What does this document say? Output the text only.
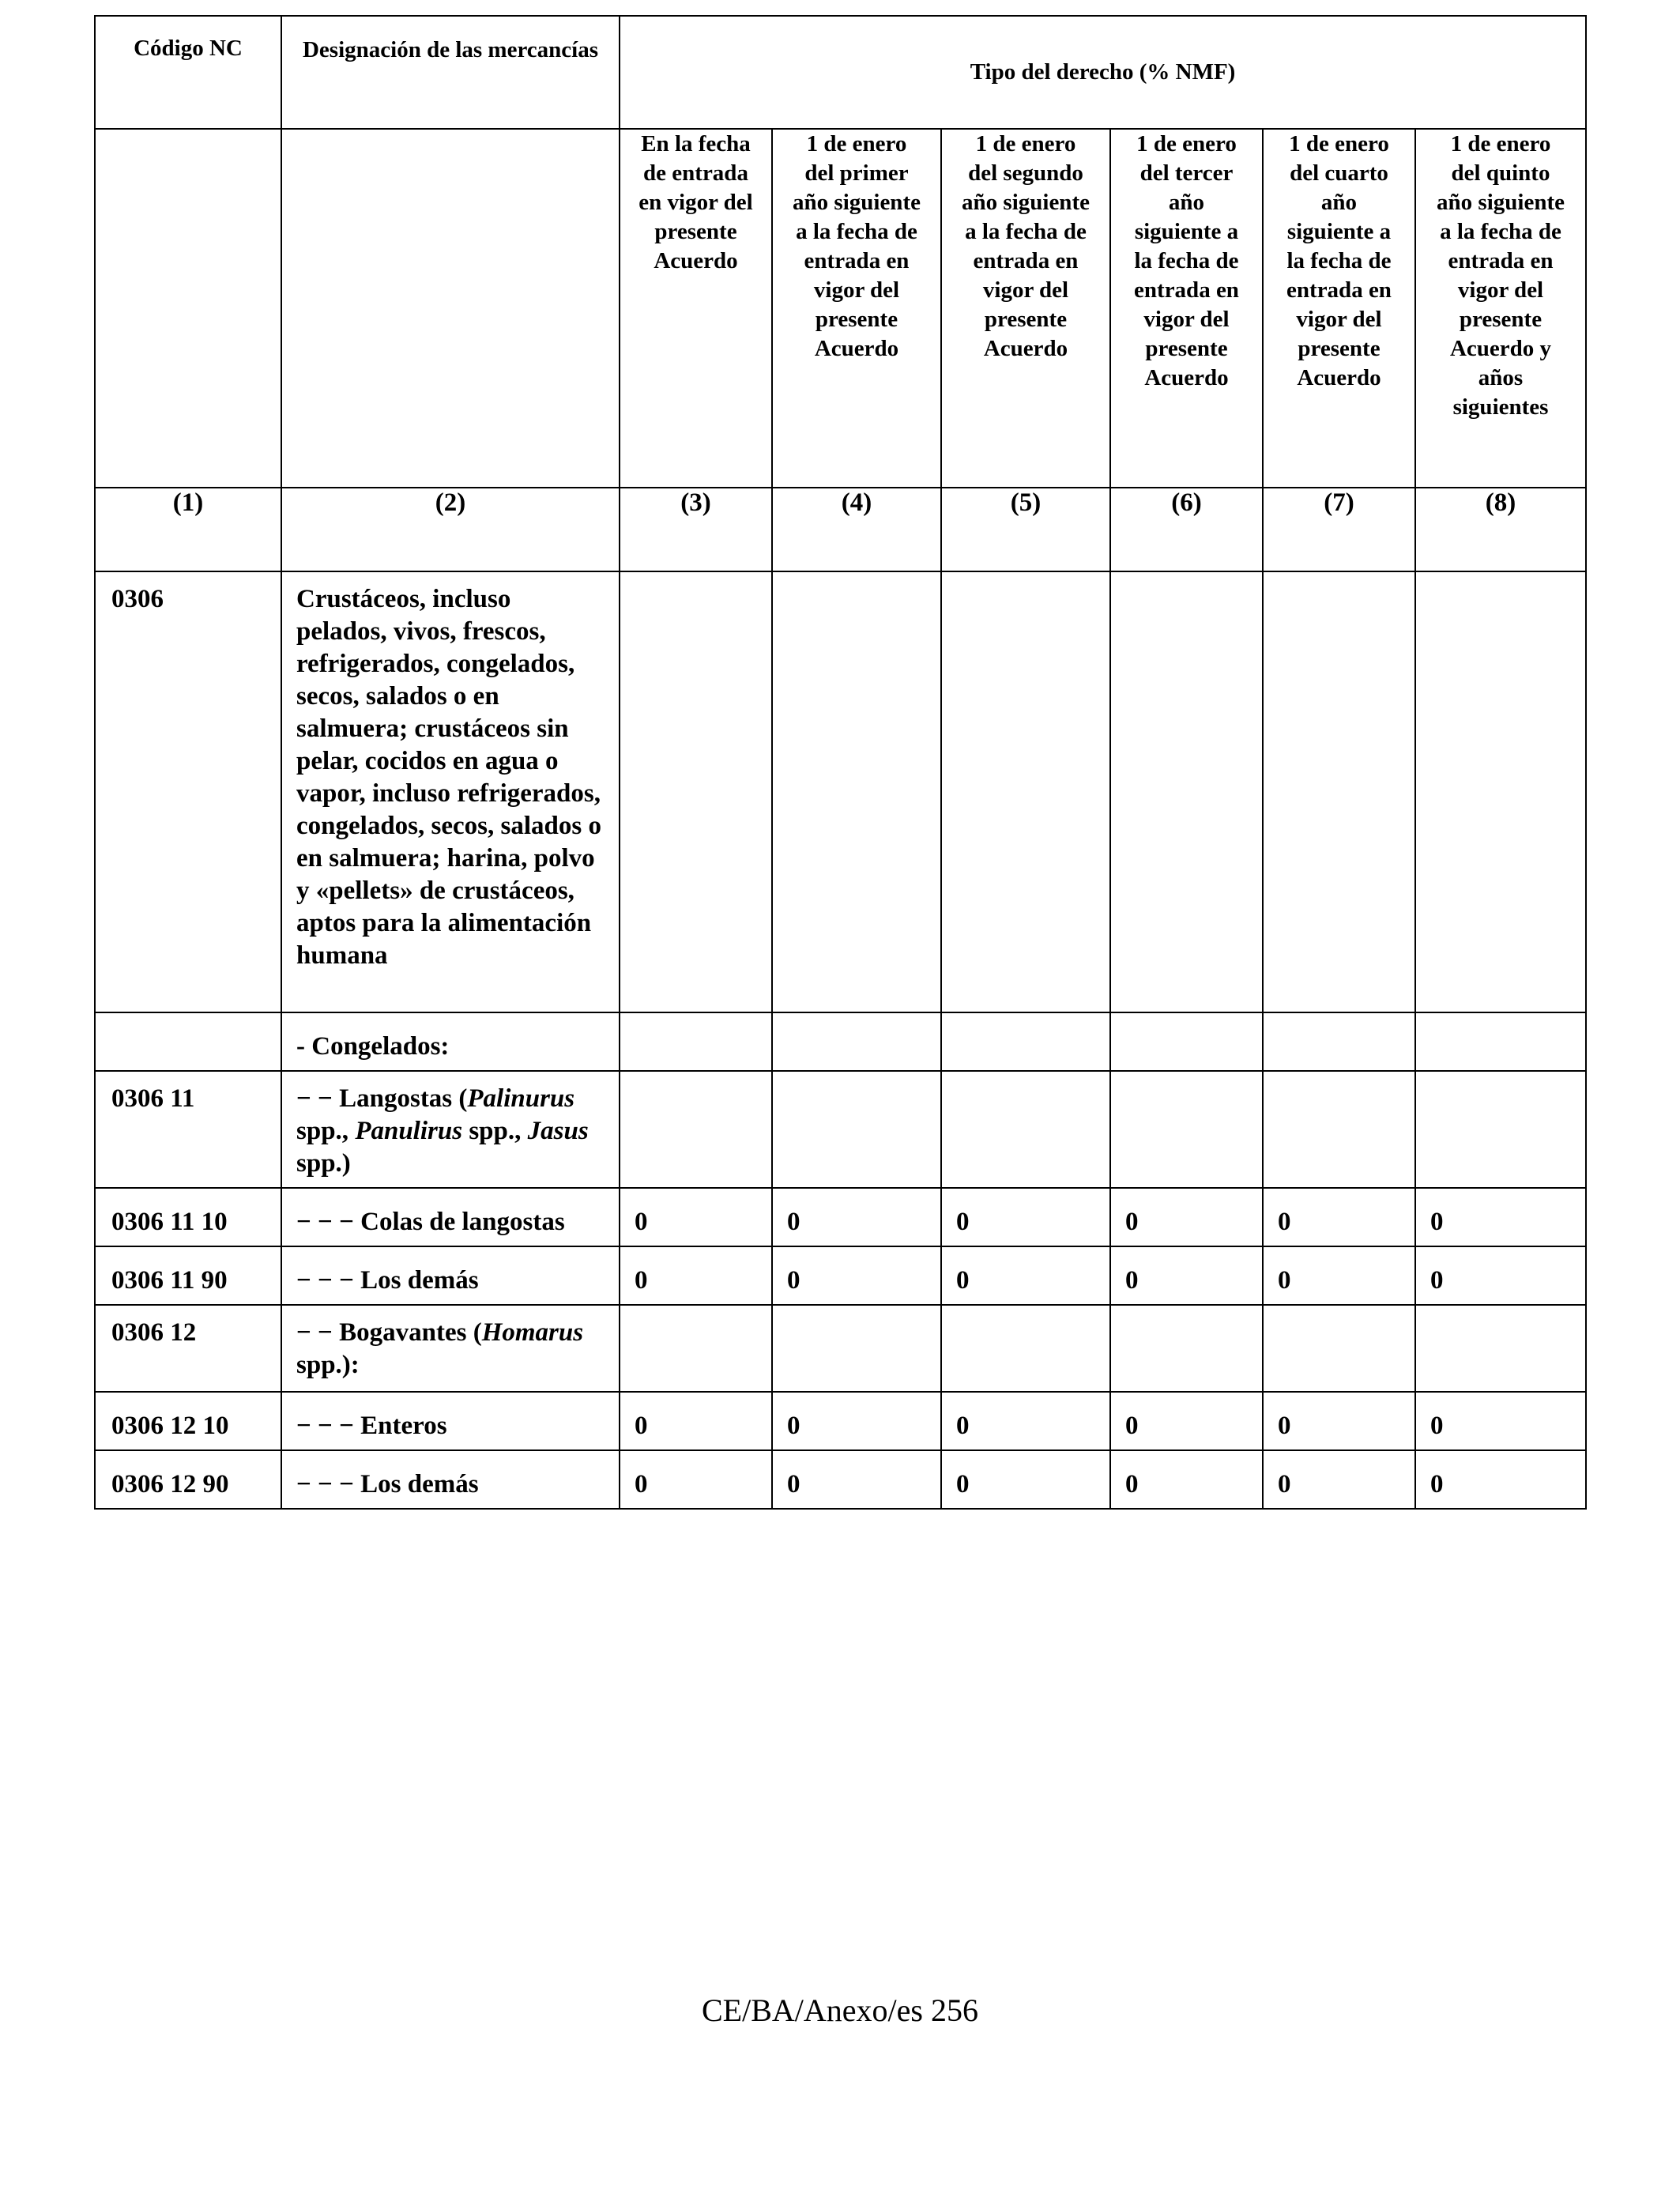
Código NC	Designación de las mercancías	Tipo del derecho (% NMF)					
		En la fecha de entrada en vigor del presente Acuerdo	1 de enero del primer año siguiente a la fecha de entrada en vigor del presente Acuerdo	1 de enero del segundo año siguiente a la fecha de entrada en vigor del presente Acuerdo	1 de enero del tercer año siguiente a la fecha de entrada en vigor del presente Acuerdo	1 de enero del cuarto año siguiente a la fecha de entrada en vigor del presente Acuerdo	1 de enero del quinto año siguiente a la fecha de entrada en vigor del presente Acuerdo y años siguientes
(1)	(2)	(3)	(4)	(5)	(6)	(7)	(8)
0306	Crustáceos, incluso pelados, vivos, frescos, refrigerados, congelados, secos, salados o en salmuera; crustáceos sin pelar, cocidos en agua o vapor, incluso refrigerados, congelados, secos, salados o en salmuera; harina, polvo y «pellets» de crustáceos, aptos para la alimentación humana						
	- Congelados:						
0306 11	− − Langostas (Palinurus spp., Panulirus spp., Jasus spp.)						
0306 11 10	− − − Colas de langostas	0	0	0	0	0	0
0306 11 90	− − − Los demás	0	0	0	0	0	0
0306 12	− − Bogavantes (Homarus spp.):						
0306 12 10	− − − Enteros	0	0	0	0	0	0
0306 12 90	− − − Los demás	0	0	0	0	0	0
CE/BA/Anexo/es 256
